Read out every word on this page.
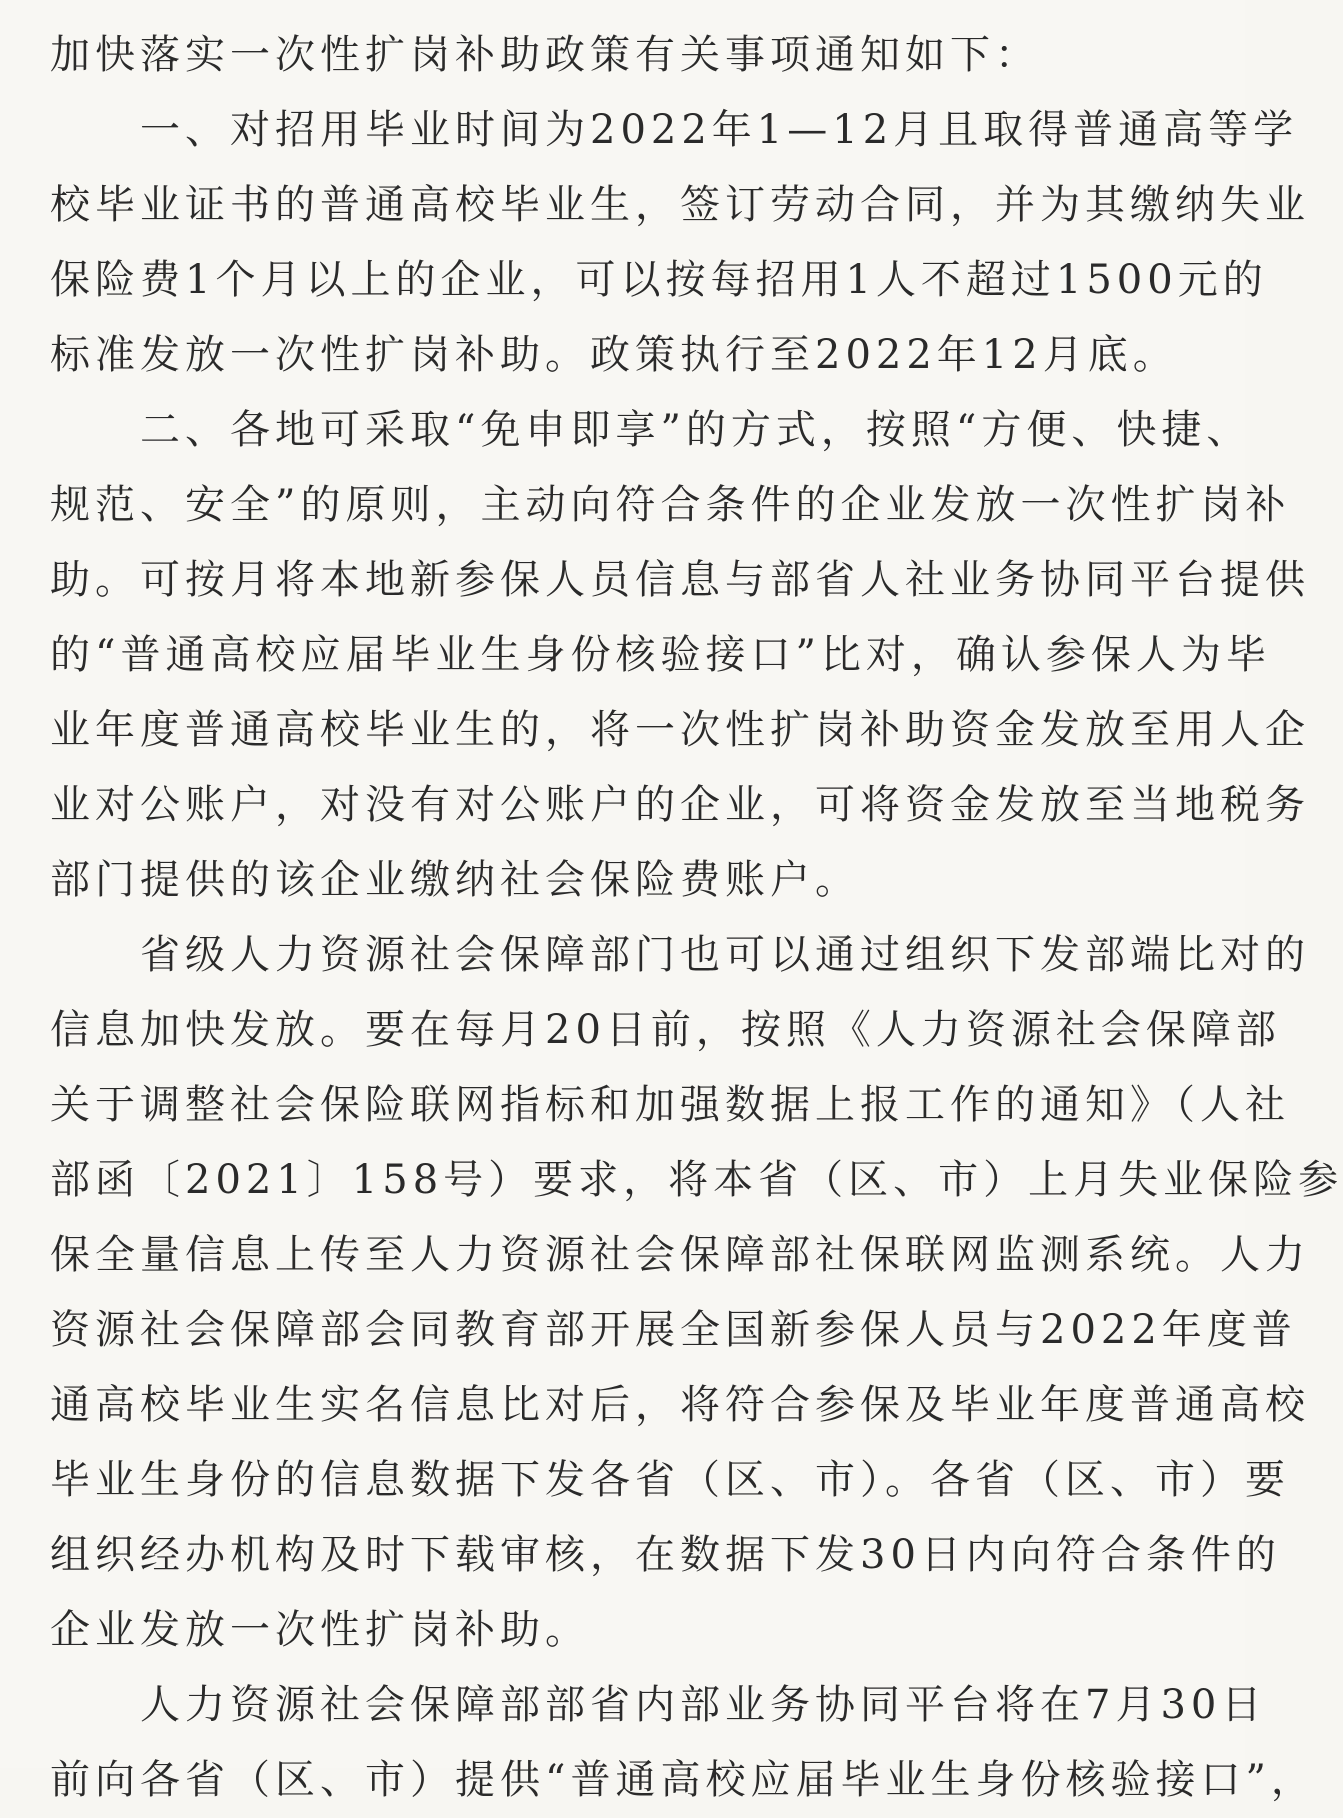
加快落实一次性扩岗补助政策有关事项通知如下：
一、对招用毕业时间为2022年1—12月且取得普通高等学
校毕业证书的普通高校毕业生，签订劳动合同，并为其缴纳失业
保险费1个月以上的企业，可以按每招用1人不超过1500元的
标准发放一次性扩岗补助。政策执行至2022年12月底。
二、各地可采取“免申即享”的方式，按照“方便、快捷、
规范、安全”的原则，主动向符合条件的企业发放一次性扩岗补
助。可按月将本地新参保人员信息与部省人社业务协同平台提供
的“普通高校应届毕业生身份核验接口”比对，确认参保人为毕
业年度普通高校毕业生的，将一次性扩岗补助资金发放至用人企
业对公账户，对没有对公账户的企业，可将资金发放至当地税务
部门提供的该企业缴纳社会保险费账户。
省级人力资源社会保障部门也可以通过组织下发部端比对的
信息加快发放。要在每月20日前，按照《人力资源社会保障部
关于调整社会保险联网指标和加强数据上报工作的通知》（人社
部函〔2021〕158号）要求，将本省（区、市）上月失业保险参
保全量信息上传至人力资源社会保障部社保联网监测系统。人力
资源社会保障部会同教育部开展全国新参保人员与2022年度普
通高校毕业生实名信息比对后，将符合参保及毕业年度普通高校
毕业生身份的信息数据下发各省（区、市）。各省（区、市）要
组织经办机构及时下载审核，在数据下发30日内向符合条件的
企业发放一次性扩岗补助。
人力资源社会保障部部省内部业务协同平台将在7月30日
前向各省（区、市）提供“普通高校应届毕业生身份核验接口”，
